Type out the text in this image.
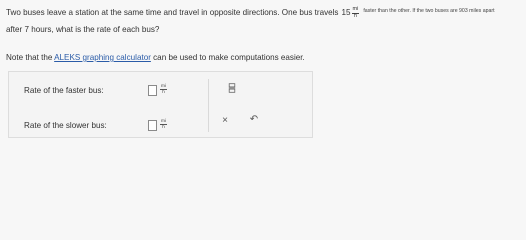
Two buses leave a station at the same time and travel in opposite directions. One bus travels $15 \frac{mi}{h}$ faster than the other. If the two buses are 903 miles apart
after 7 hours, what is the rate of each bus?
Note that the ALEKS graphing calculator can be used to make computations easier.
Rate of the faster bus:	$\frac{mi}{h}$
Rate of the slower bus:	$\frac{mi}{h}$	× ↶
